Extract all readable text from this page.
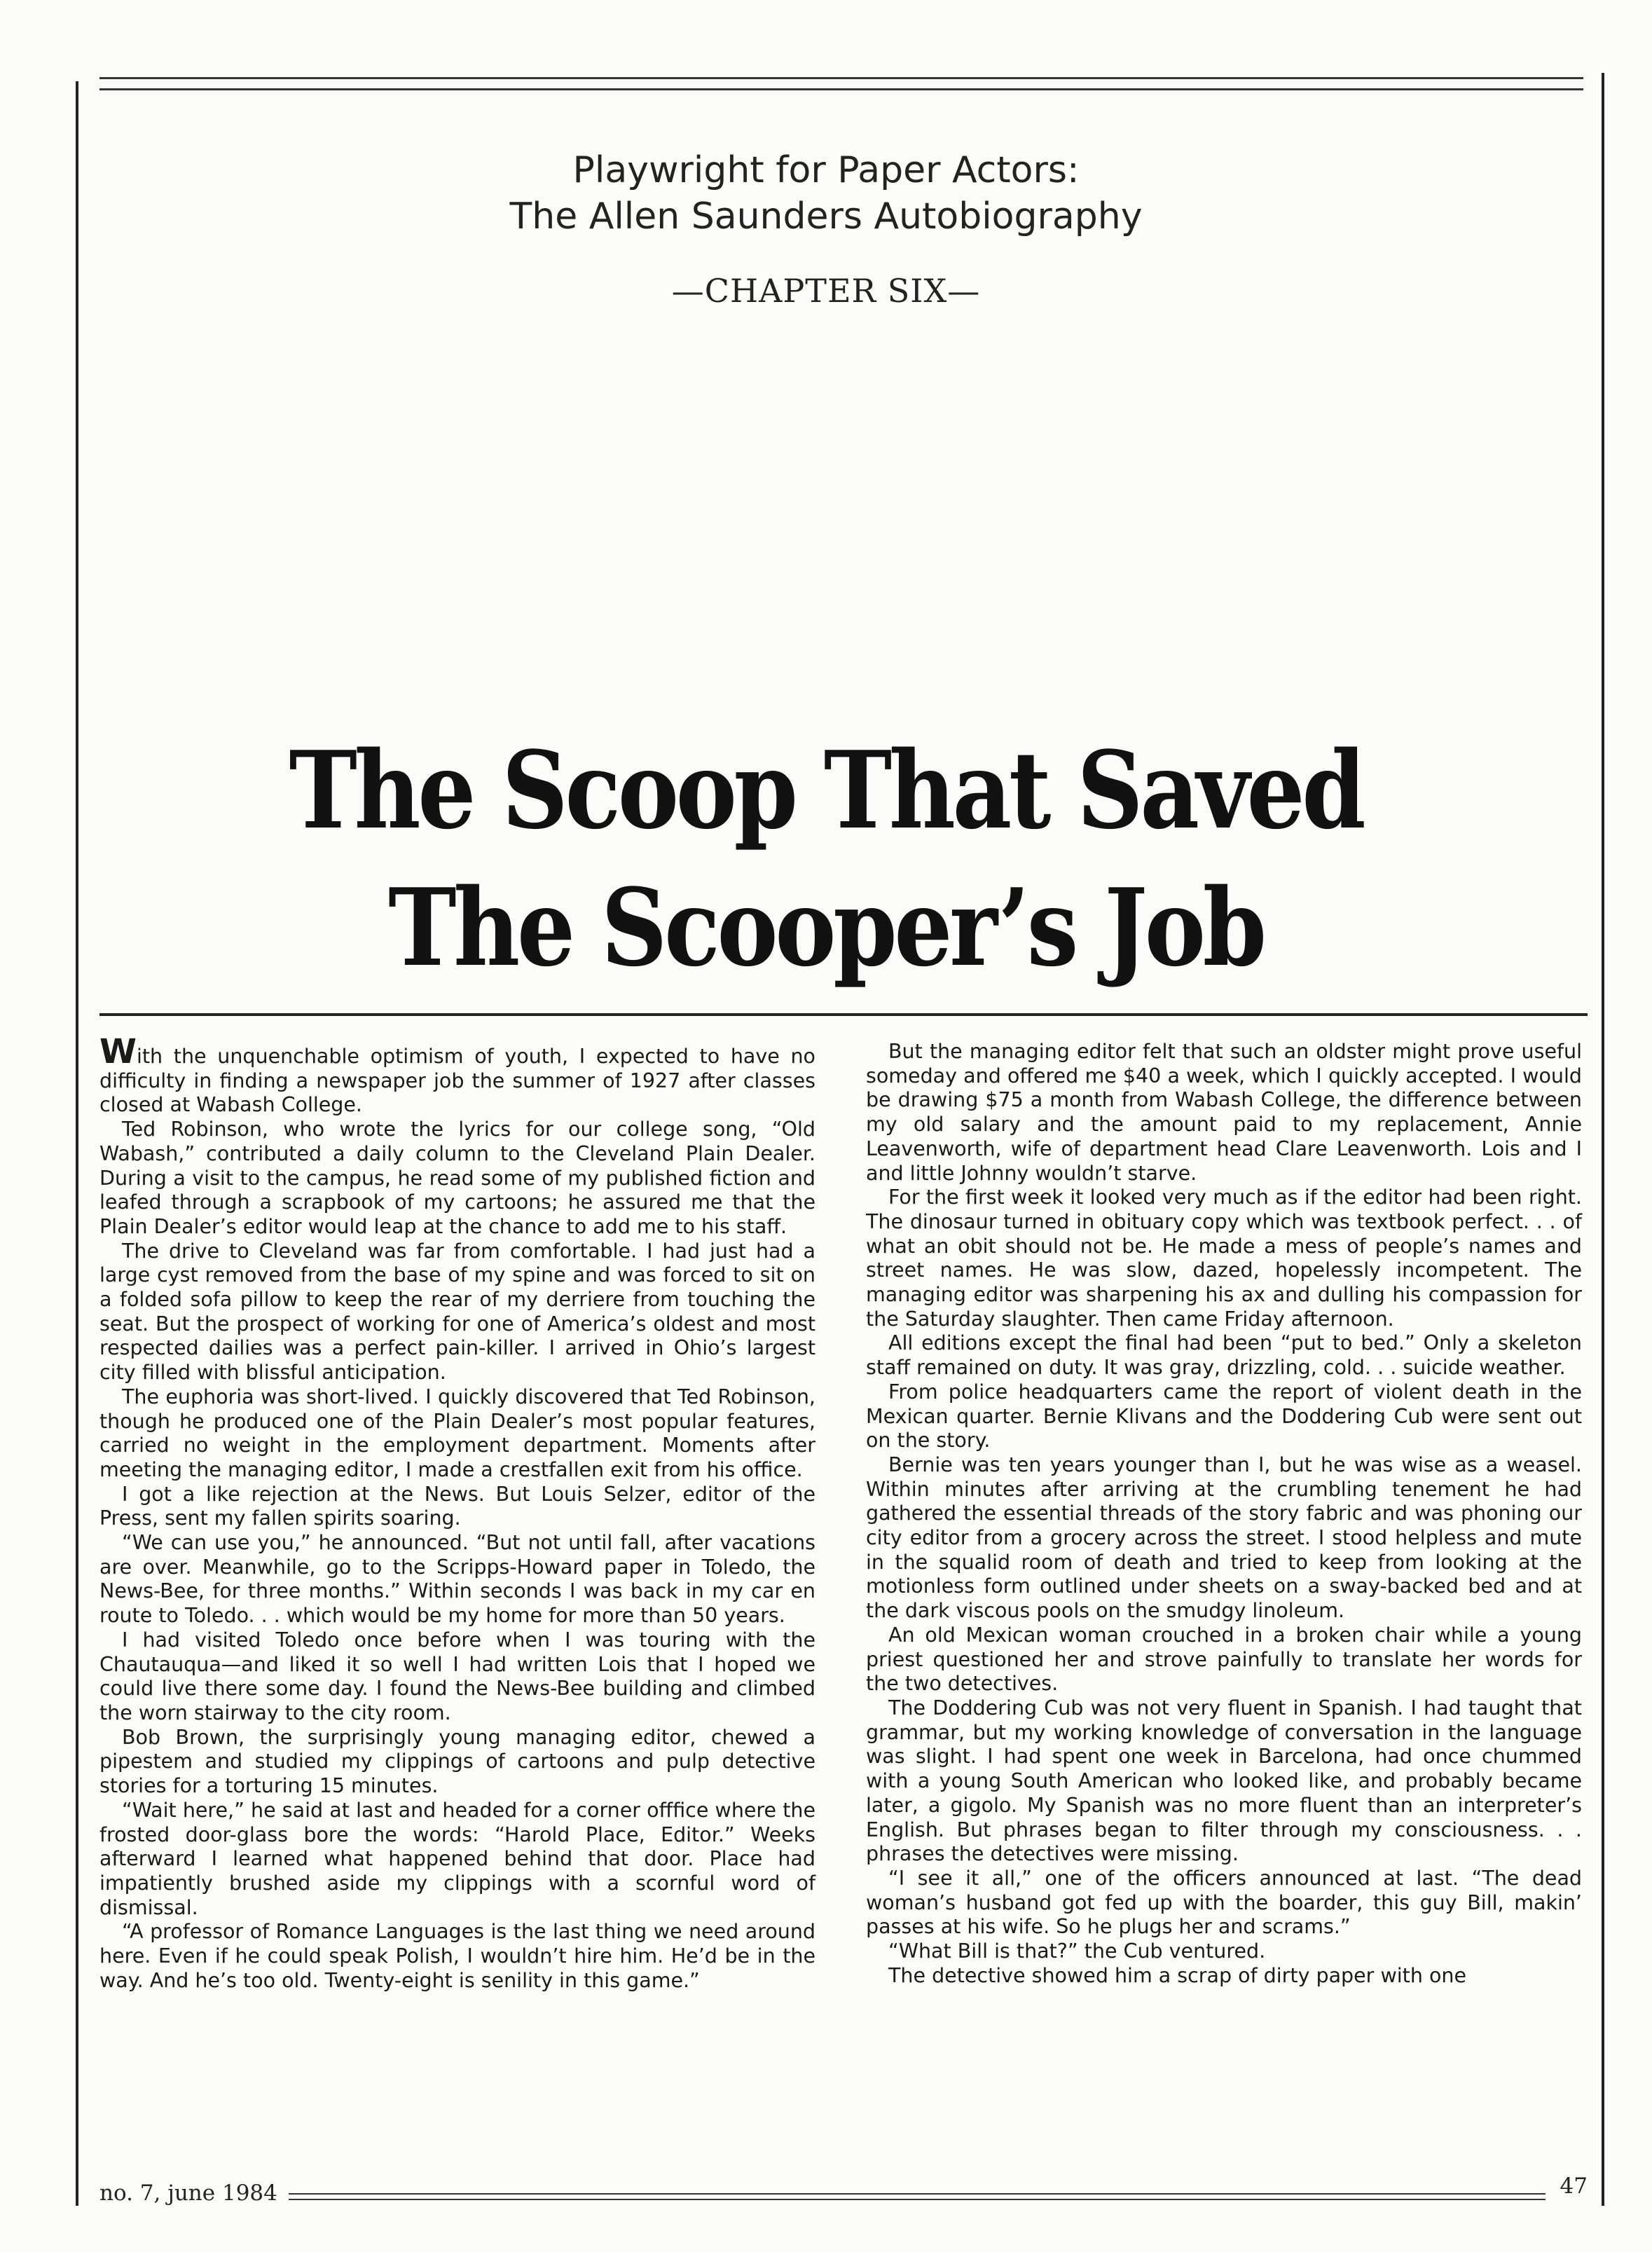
Playwright for Paper Actors:
The Allen Saunders Autobiography
—CHAPTER SIX—
The Scoop That Saved
The Scooper’s Job

With the unquenchable optimism of youth, I expected to have no difficulty in finding a newspaper job the summer of 1927 after classes closed at Wabash College.

Ted Robinson, who wrote the lyrics for our college song, “Old Wabash,” contributed a daily column to the Cleveland Plain Dealer. During a visit to the campus, he read some of my published fiction and leafed through a scrapbook of my cartoons; he assured me that the Plain Dealer’s editor would leap at the chance to add me to his staff.

The drive to Cleveland was far from comfortable. I had just had a large cyst removed from the base of my spine and was forced to sit on a folded sofa pillow to keep the rear of my derriere from touching the seat. But the prospect of working for one of America’s oldest and most respected dailies was a perfect pain-killer. I arrived in Ohio’s largest city filled with blissful anticipation.

The euphoria was short-lived. I quickly discovered that Ted Robinson, though he produced one of the Plain Dealer’s most popular features, carried no weight in the employment department. Moments after meeting the managing editor, I made a crestfallen exit from his office.

I got a like rejection at the News. But Louis Selzer, editor of the Press, sent my fallen spirits soaring.

“We can use you,” he announced. “But not until fall, after vacations are over. Meanwhile, go to the Scripps-Howard paper in Toledo, the News-Bee, for three months.” Within seconds I was back in my car en route to Toledo. . . which would be my home for more than 50 years.

I had visited Toledo once before when I was touring with the Chautauqua—and liked it so well I had written Lois that I hoped we could live there some day. I found the News-Bee building and climbed the worn stairway to the city room.

Bob Brown, the surprisingly young managing editor, chewed a pipestem and studied my clippings of cartoons and pulp detective stories for a torturing 15 minutes.

“Wait here,” he said at last and headed for a corner offfice where the frosted door-glass bore the words: “Harold Place, Editor.” Weeks afterward I learned what happened behind that door. Place had impatiently brushed aside my clippings with a scornful word of dismissal.

“A professor of Romance Languages is the last thing we need around here. Even if he could speak Polish, I wouldn’t hire him. He’d be in the way. And he’s too old. Twenty-eight is senility in this game.”

But the managing editor felt that such an oldster might prove useful someday and offered me $40 a week, which I quickly accepted. I would be drawing $75 a month from Wabash College, the difference between my old salary and the amount paid to my replacement, Annie Leavenworth, wife of department head Clare Leavenworth. Lois and I and little Johnny wouldn’t starve.

For the first week it looked very much as if the editor had been right. The dinosaur turned in obituary copy which was textbook perfect. . . of what an obit should not be. He made a mess of people’s names and street names. He was slow, dazed, hopelessly incompetent. The managing editor was sharpening his ax and dulling his compassion for the Saturday slaughter. Then came Friday afternoon.

All editions except the final had been “put to bed.” Only a skeleton staff remained on duty. It was gray, drizzling, cold. . . suicide weather.

From police headquarters came the report of violent death in the Mexican quarter. Bernie Klivans and the Doddering Cub were sent out on the story.

Bernie was ten years younger than I, but he was wise as a weasel. Within minutes after arriving at the crumbling tenement he had gathered the essential threads of the story fabric and was phoning our city editor from a grocery across the street. I stood helpless and mute in the squalid room of death and tried to keep from looking at the motionless form outlined under sheets on a sway-backed bed and at the dark viscous pools on the smudgy linoleum.

An old Mexican woman crouched in a broken chair while a young priest questioned her and strove painfully to translate her words for the two detectives.

The Doddering Cub was not very fluent in Spanish. I had taught that grammar, but my working knowledge of conversation in the language was slight. I had spent one week in Barcelona, had once chummed with a young South American who looked like, and probably became later, a gigolo. My Spanish was no more fluent than an interpreter’s English. But phrases began to filter through my consciousness. . . phrases the detectives were missing.

“I see it all,” one of the officers announced at last. “The dead woman’s husband got fed up with the boarder, this guy Bill, makin’ passes at his wife. So he plugs her and scrams.”

“What Bill is that?” the Cub ventured.

The detective showed him a scrap of dirty paper with one

no. 7, june 1984	47
